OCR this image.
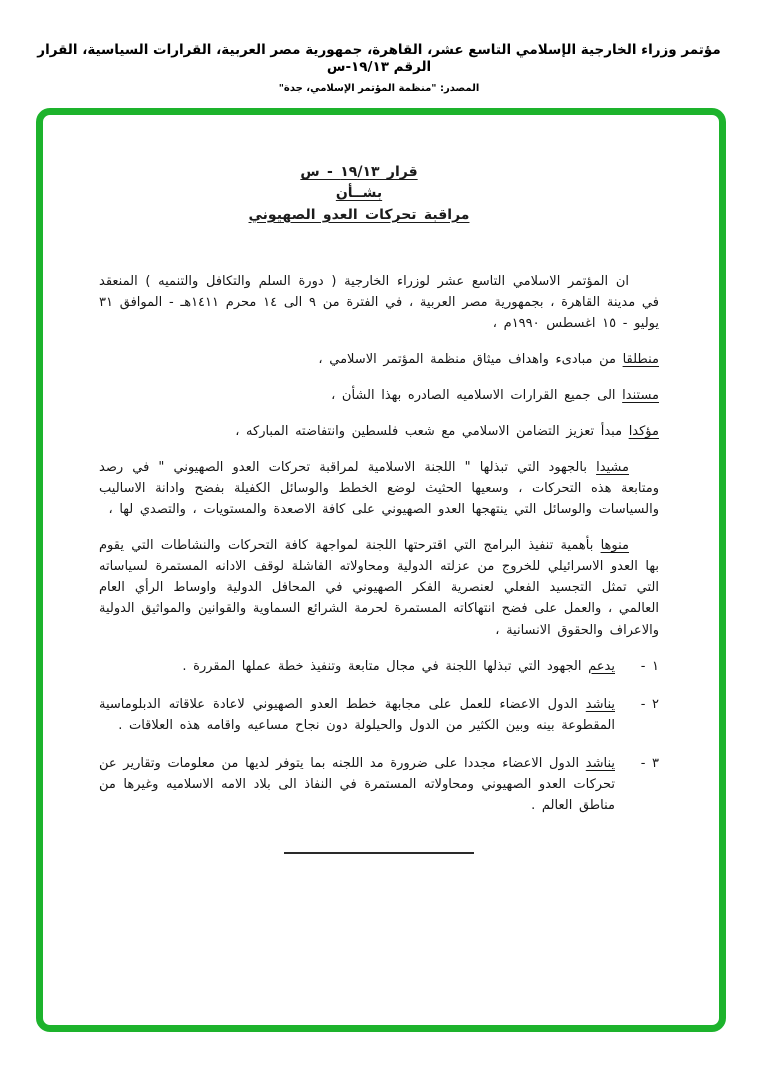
مؤتمر وزراء الخارجية الإسلامي التاسع عشر، القاهرة، جمهورية مصر العربية، القرارات السياسية، القرار الرقم ١٩/١٣-س
المصدر: "منظمة المؤتمر الإسلامي، جدة"
قرار ١٩/١٣ - س
بشــأن
مراقبة تحركات العدو الصهيوني

ان المؤتمر الاسلامي التاسع عشر لوزراء الخارجية ( دورة السلم والتكافل والتنميه ) المنعقد في مدينة القاهرة ، بجمهورية مصر العربية ، في الفترة من ٩ الى ١٤ محرم ١٤١١هـ - الموافق ٣١ يوليو - ١٥ اغسطس ١٩٩٠م ،

منطلقا من مبادىء واهداف ميثاق منظمة المؤتمر الاسلامي ،

مستندا الى جميع القرارات الاسلاميه الصادره بهذا الشأن ،

مؤكدا مبدأ تعزيز التضامن الاسلامي مع شعب فلسطين وانتفاضته المباركه ،

مشيدا بالجهود التي تبذلها " اللجنة الاسلامية لمراقبة تحركات العدو الصهيوني " في رصد ومتابعة هذه التحركات ، وسعيها الحثيث لوضع الخطط والوسائل الكفيلة بفضح وادانة الاساليب والسياسات والوسائل التي ينتهجها العدو الصهيوني على كافة الاصعدة والمستويات ، والتصدي لها ،

منوها بأهمية تنفيذ البرامج التي اقترحتها اللجنة لمواجهة كافة التحركات والنشاطات التي يقوم بها العدو الاسرائيلي للخروج من عزلته الدولية ومحاولاته الفاشلة لوقف الادانه المستمرة لسياساته التي تمثل التجسيد الفعلي لعنصرية الفكر الصهيوني في المحافل الدولية واوساط الرأي العام العالمي ، والعمل على فضح انتهاكاته المستمرة لحرمة الشرائع السماوية والقوانين والمواثيق الدولية والاعراف والحقوق الانسانية ،

١ -
يدعم الجهود التي تبذلها اللجنة في مجال متابعة وتنفيذ خطة عملها المقررة .
٢ -
يناشد الدول الاعضاء للعمل على مجابهة خطط العدو الصهيوني لاعادة علاقاته الدبلوماسية المقطوعة بينه وبين الكثير من الدول والحيلولة دون نجاح مساعيه واقامه هذه العلاقات .
٣ -
يناشد الدول الاعضاء مجددا على ضرورة مد اللجنه بما يتوفر لديها من معلومات وتقارير عن تحركات العدو الصهيوني ومحاولاته المستمرة في النفاذ الى بلاد الامه الاسلاميه وغيرها من مناطق العالم .
